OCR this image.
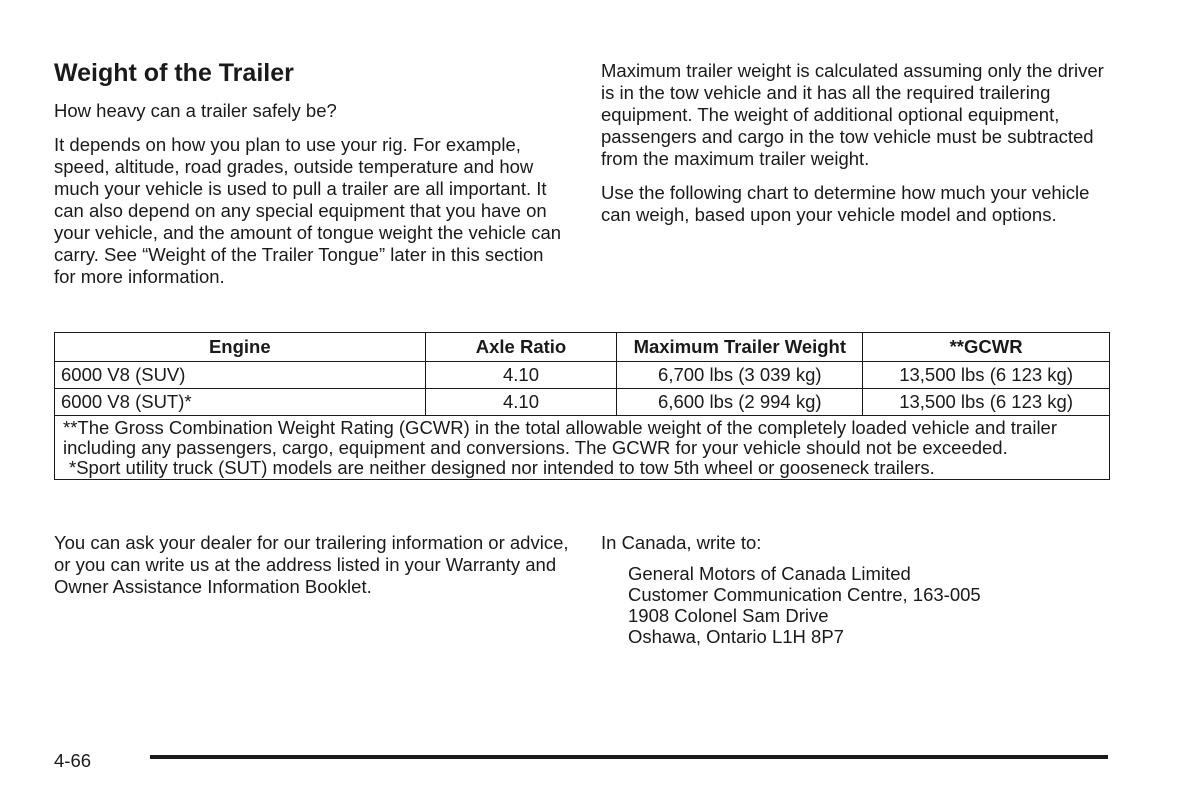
Weight of the Trailer

How heavy can a trailer safely be?

It depends on how you plan to use your rig. For example, speed, altitude, road grades, outside temperature and how much your vehicle is used to pull a trailer are all important. It can also depend on any special equipment that you have on your vehicle, and the amount of tongue weight the vehicle can carry. See “Weight of the Trailer Tongue” later in this section for more information.

Maximum trailer weight is calculated assuming only the driver is in the tow vehicle and it has all the required trailering equipment. The weight of additional optional equipment, passengers and cargo in the tow vehicle must be subtracted from the maximum trailer weight.

Use the following chart to determine how much your vehicle can weigh, based upon your vehicle model and options.

Engine	Axle Ratio	Maximum Trailer Weight	**GCWR
6000 V8 (SUV)	4.10	6,700 lbs (3 039 kg)	13,500 lbs (6 123 kg)
6000 V8 (SUT)*	4.10	6,600 lbs (2 994 kg)	13,500 lbs (6 123 kg)

**The Gross Combination Weight Rating (GCWR) in the total allowable weight of the completely loaded vehicle and trailer including any passengers, cargo, equipment and conversions. The GCWR for your vehicle should not be exceeded.
*Sport utility truck (SUT) models are neither designed nor intended to tow 5th wheel or gooseneck trailers.			

You can ask your dealer for our trailering information or advice, or you can write us at the address listed in your Warranty and Owner Assistance Information Booklet.

In Canada, write to:

General Motors of Canada Limited
Customer Communication Centre, 163-005
1908 Colonel Sam Drive
Oshawa, Ontario L1H 8P7
4-66
